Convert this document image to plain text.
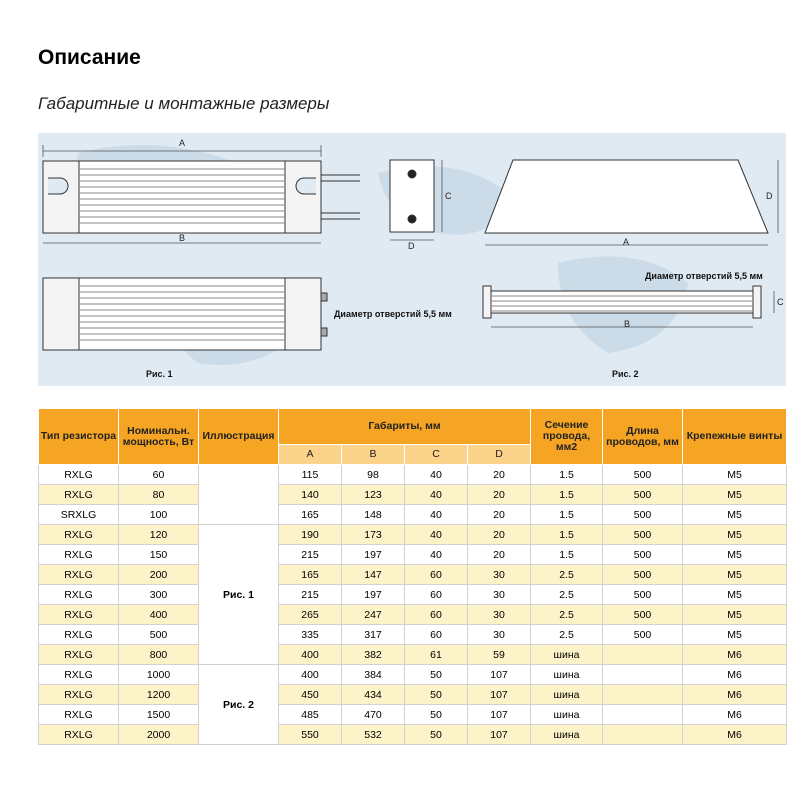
Описание
Габаритные и монтажные размеры
A
B
C
D	A
D
B
C
Диаметр отверстий 5,5 мм
Диаметр отверстий 5,5 мм
Рис. 1	Рис. 2
Тип резистора	Номинальн. мощность, Вт	Иллюстрация	Габариты, мм				Сечение провода, мм2	Длина проводов, мм	Крепежные винты
			A	B	C	D			
RXLG	60		115	98	40	20	1.5	500	M5
RXLG	80		140	123	40	20	1.5	500	M5
SRXLG	100		165	148	40	20	1.5	500	M5
RXLG	120	Рис. 1	190	173	40	20	1.5	500	M5
RXLG	150		215	197	40	20	1.5	500	M5
RXLG	200		165	147	60	30	2.5	500	M5
RXLG	300		215	197	60	30	2.5	500	M5
RXLG	400		265	247	60	30	2.5	500	M5
RXLG	500		335	317	60	30	2.5	500	M5
RXLG	800		400	382	61	59	шина		M6
RXLG	1000	Рис. 2	400	384	50	107	шина		M6
RXLG	1200		450	434	50	107	шина		M6
RXLG	1500		485	470	50	107	шина		M6
RXLG	2000		550	532	50	107	шина		M6
